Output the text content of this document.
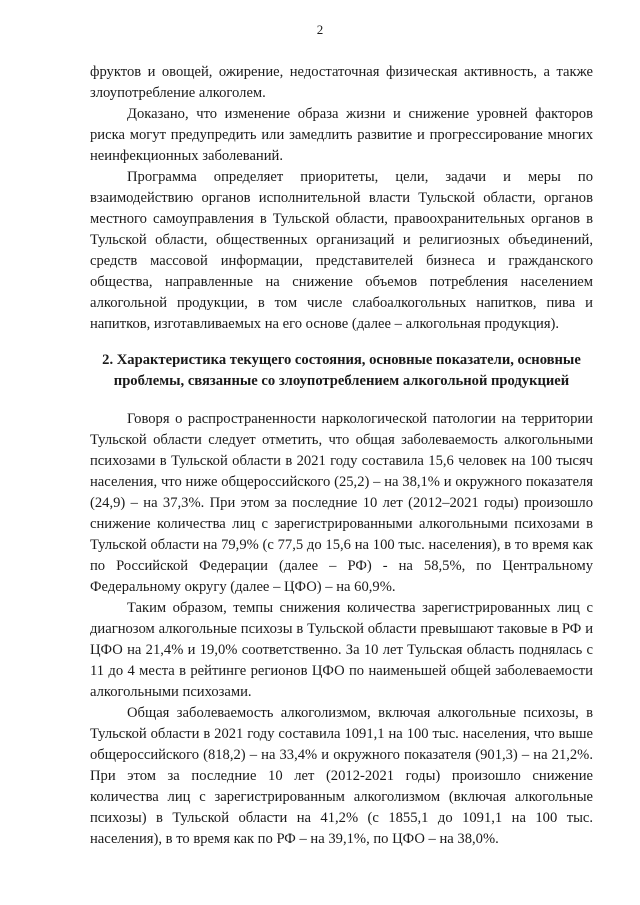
2

фруктов и овощей, ожирение, недостаточная физическая активность, а также злоупотребление алкоголем.

Доказано, что изменение образа жизни и снижение уровней факторов риска могут предупредить или замедлить развитие и прогрессирование многих неинфекционных заболеваний.

Программа определяет приоритеты, цели, задачи и меры по взаимодействию органов исполнительной власти Тульской области, органов местного самоуправления в Тульской области, правоохранительных органов в Тульской области, общественных организаций и религиозных объединений, средств массовой информации, представителей бизнеса и гражданского общества, направленные на снижение объемов потребления населением алкогольной продукции, в том числе слабоалкогольных напитков, пива и напитков, изготавливаемых на его основе (далее – алкогольная продукция).

2. Характеристика текущего состояния, основные показатели, основные проблемы, связанные со злоупотреблением алкогольной продукцией

Говоря о распространенности наркологической патологии на территории Тульской области следует отметить, что общая заболеваемость алкогольными психозами в Тульской области в 2021 году составила 15,6 человек на 100 тысяч населения, что ниже общероссийского (25,2) – на 38,1% и окружного показателя (24,9) – на 37,3%. При этом за последние 10 лет (2012–2021 годы) произошло снижение количества лиц с зарегистрированными алкогольными психозами в Тульской области на 79,9% (с 77,5 до 15,6 на 100 тыс. населения), в то время как по Российской Федерации (далее – РФ) - на 58,5%, по Центральному Федеральному округу (далее – ЦФО) – на 60,9%.

Таким образом, темпы снижения количества зарегистрированных лиц с диагнозом алкогольные психозы в Тульской области превышают таковые в РФ и ЦФО на 21,4% и 19,0% соответственно. За 10 лет Тульская область поднялась с 11 до 4 места в рейтинге регионов ЦФО по наименьшей общей заболеваемости алкогольными психозами.

Общая заболеваемость алкоголизмом, включая алкогольные психозы, в Тульской области в 2021 году составила 1091,1 на 100 тыс. населения, что выше общероссийского (818,2) – на 33,4% и окружного показателя (901,3) – на 21,2%. При этом за последние 10 лет (2012-2021 годы) произошло снижение количества лиц с зарегистрированным алкоголизмом (включая алкогольные психозы) в Тульской области на 41,2% (с 1855,1 до 1091,1 на 100 тыс. населения), в то время как по РФ – на 39,1%, по ЦФО – на 38,0%.
